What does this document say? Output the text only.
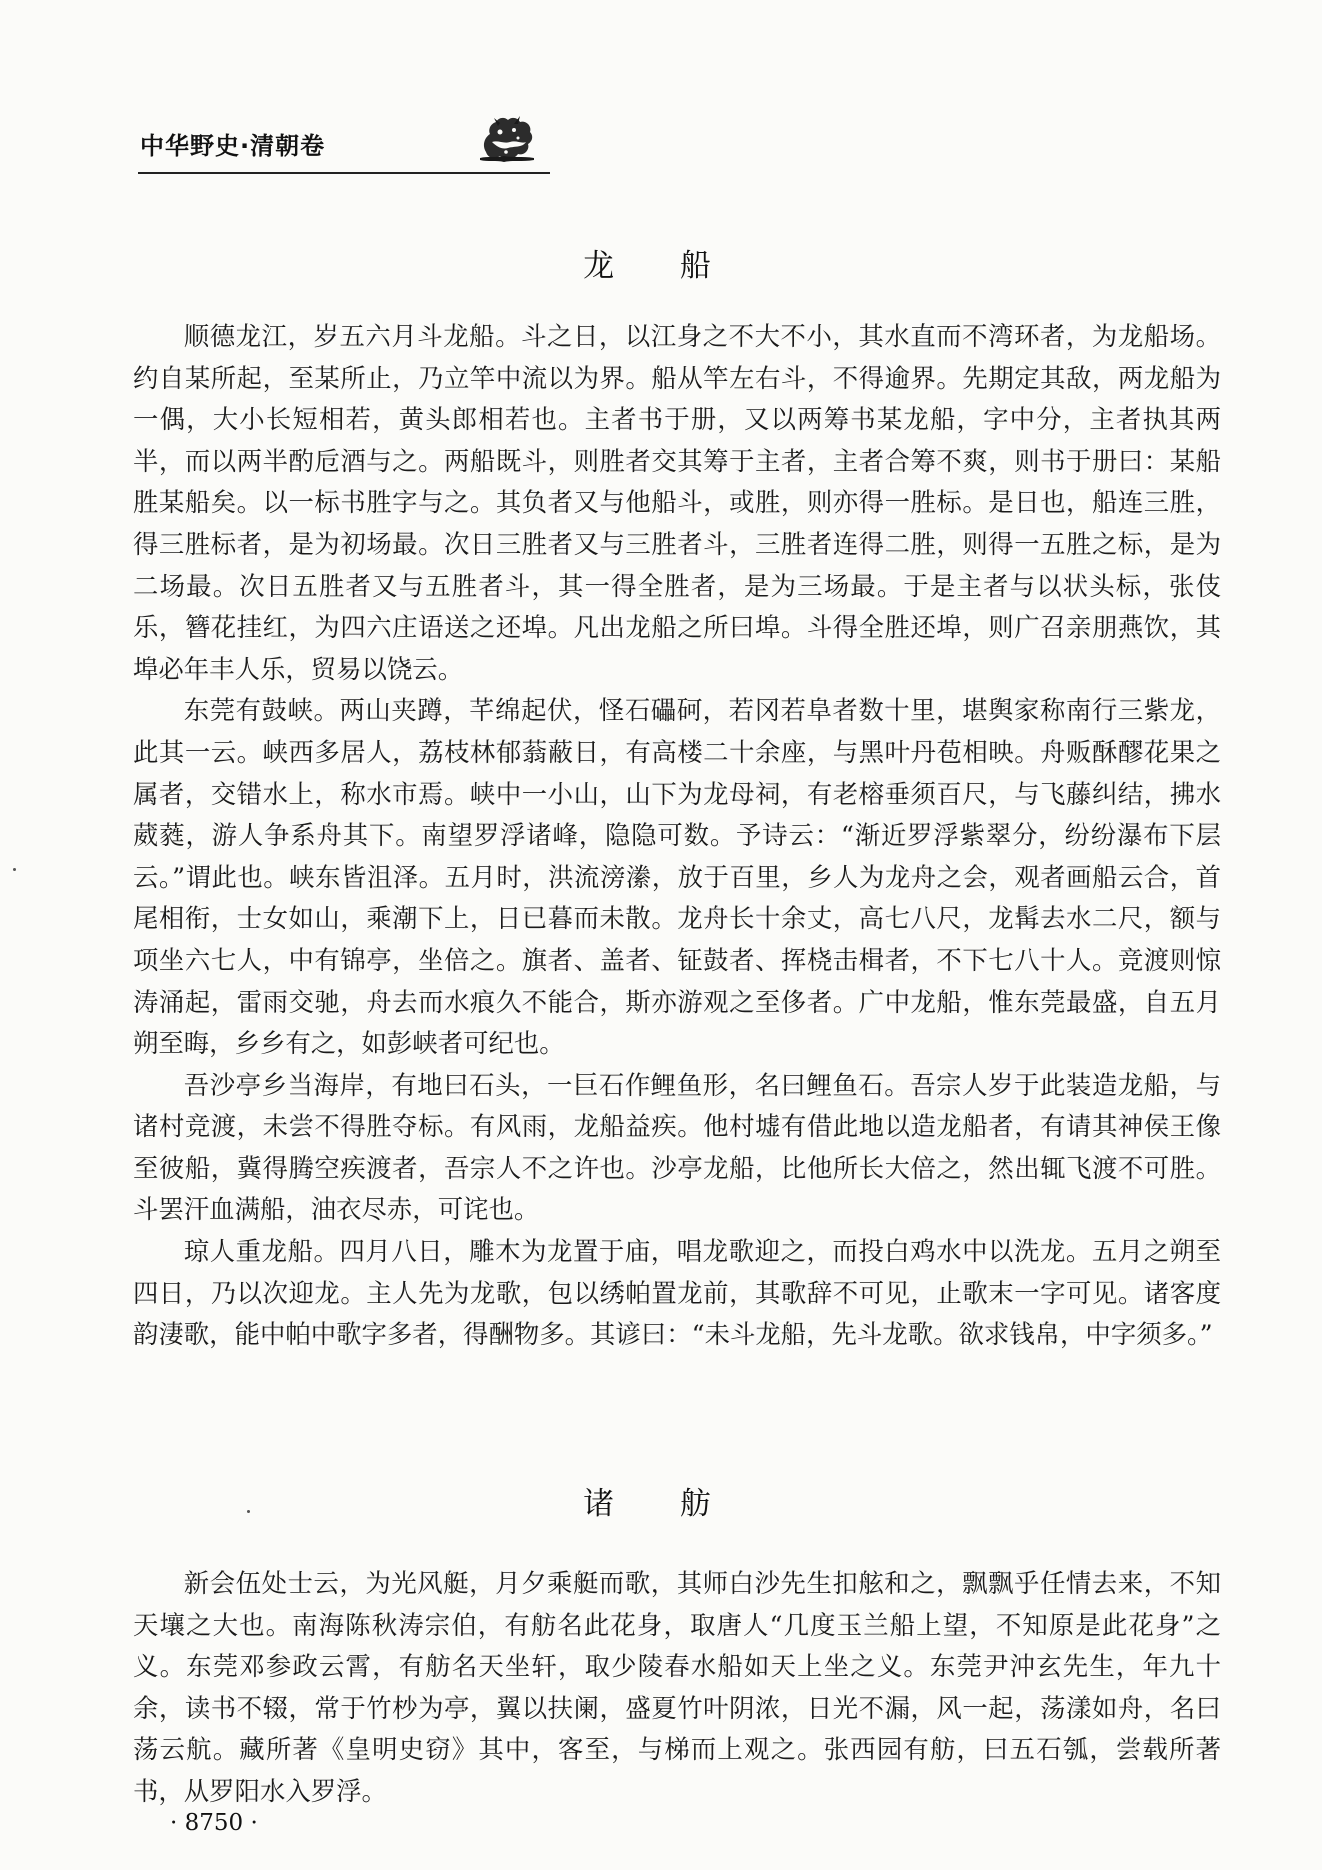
中华野史·清朝卷
龙 船

顺德龙江，岁五六月斗龙船。斗之日，以江身之不大不小，其水直而不湾环者，为龙船场。约自某所起，至某所止，乃立竿中流以为界。船从竿左右斗，不得逾界。先期定其敌，两龙船为一偶，大小长短相若，黄头郎相若也。主者书于册，又以两筹书某龙船，字中分，主者执其两半，而以两半酌卮酒与之。两船既斗，则胜者交其筹于主者，主者合筹不爽，则书于册曰：某船胜某船矣。以一标书胜字与之。其负者又与他船斗，或胜，则亦得一胜标。是日也，船连三胜，得三胜标者，是为初场最。次日三胜者又与三胜者斗，三胜者连得二胜，则得一五胜之标，是为二场最。次日五胜者又与五胜者斗，其一得全胜者，是为三场最。于是主者与以状头标，张伎乐，簪花挂红，为四六庄语送之还埠。凡出龙船之所曰埠。斗得全胜还埠，则广召亲朋燕饮，其埠必年丰人乐，贸易以饶云。

东莞有鼓峡。两山夹蹲，芊绵起伏，怪石礧砢，若冈若阜者数十里，堪舆家称南行三紫龙，此其一云。峡西多居人，荔枝林郁蓊蔽日，有高楼二十余座，与黑叶丹苞相映。舟贩酥醪花果之属者，交错水上，称水市焉。峡中一小山，山下为龙母祠，有老榕垂须百尺，与飞藤纠结，拂水葳蕤，游人争系舟其下。南望罗浮诸峰，隐隐可数。予诗云：“渐近罗浮紫翠分，纷纷瀑布下层云。”谓此也。峡东皆沮泽。五月时，洪流滂潫，放于百里，乡人为龙舟之会，观者画船云合，首尾相衔，士女如山，乘潮下上，日已暮而未散。龙舟长十余丈，高七八尺，龙髯去水二尺，额与项坐六七人，中有锦亭，坐倍之。旗者、盖者、钲鼓者、挥桡击楫者，不下七八十人。竞渡则惊涛涌起，雷雨交驰，舟去而水痕久不能合，斯亦游观之至侈者。广中龙船，惟东莞最盛，自五月朔至晦，乡乡有之，如彭峡者可纪也。

吾沙亭乡当海岸，有地曰石头，一巨石作鲤鱼形，名曰鲤鱼石。吾宗人岁于此装造龙船，与诸村竞渡，未尝不得胜夺标。有风雨，龙船益疾。他村墟有借此地以造龙船者，有请其神侯王像至彼船，冀得腾空疾渡者，吾宗人不之许也。沙亭龙船，比他所长大倍之，然出辄飞渡不可胜。斗罢汗血满船，油衣尽赤，可诧也。

琼人重龙船。四月八日，雕木为龙置于庙，唱龙歌迎之，而投白鸡水中以洗龙。五月之朔至四日，乃以次迎龙。主人先为龙歌，包以绣帕置龙前，其歌辞不可见，止歌末一字可见。诸客度韵淒歌，能中帕中歌字多者，得酬物多。其谚曰：“未斗龙船，先斗龙歌。欲求钱帛，中字须多。”

诸 舫

新会伍处士云，为光风艇，月夕乘艇而歌，其师白沙先生扣舷和之，飘飘乎任情去来，不知天壤之大也。南海陈秋涛宗伯，有舫名此花身，取唐人“几度玉兰船上望，不知原是此花身”之义。东莞邓参政云霄，有舫名天坐轩，取少陵春水船如天上坐之义。东莞尹沖玄先生，年九十余，读书不辍，常于竹杪为亭，翼以扶阑，盛夏竹叶阴浓，日光不漏，风一起，荡漾如舟，名曰荡云航。藏所著《皇明史窃》其中，客至，与梯而上观之。张西园有舫，曰五石瓠，尝载所著书，从罗阳水入罗浮。

· 8750 ·
